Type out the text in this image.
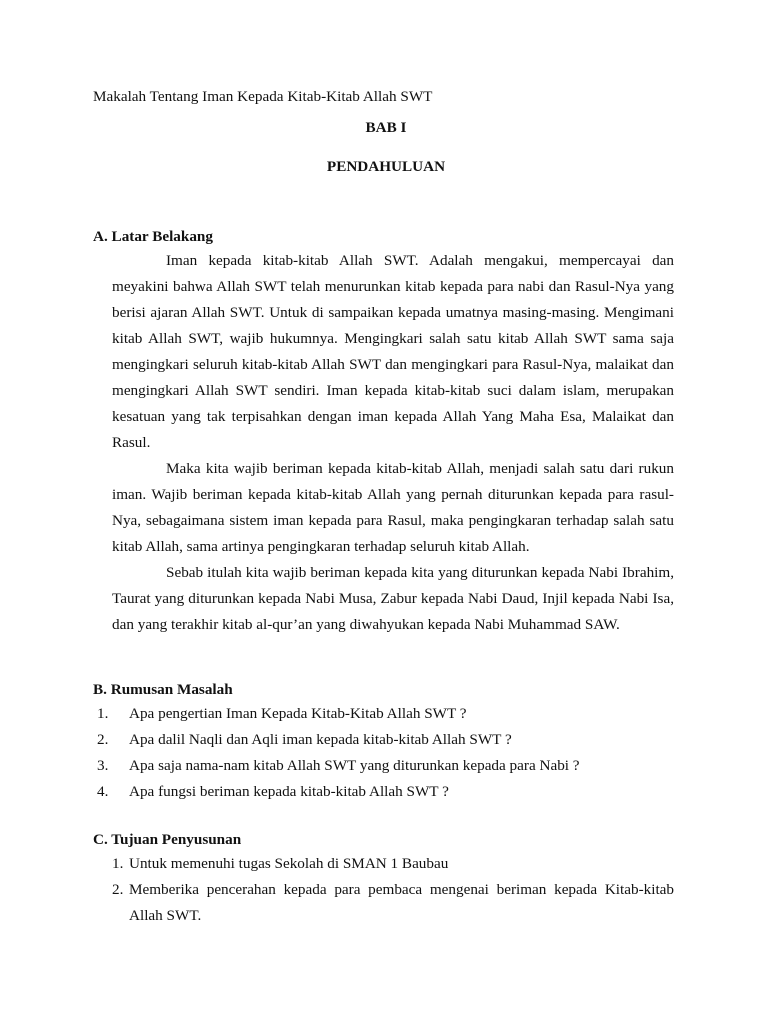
Makalah Tentang Iman Kepada Kitab-Kitab Allah SWT
BAB I
PENDAHULUAN
A. Latar Belakang

Iman kepada kitab-kitab Allah SWT. Adalah mengakui, mempercayai dan meyakini bahwa Allah SWT telah menurunkan kitab kepada para nabi dan Rasul-Nya yang berisi ajaran Allah SWT. Untuk di sampaikan kepada umatnya masing-masing. Mengimani kitab Allah SWT, wajib hukumnya. Mengingkari salah satu kitab Allah SWT sama saja mengingkari seluruh kitab-kitab Allah SWT dan mengingkari para Rasul-Nya, malaikat dan mengingkari Allah SWT sendiri. Iman kepada kitab-kitab suci dalam islam, merupakan kesatuan yang tak terpisahkan dengan iman kepada Allah Yang Maha Esa, Malaikat dan Rasul.

Maka kita wajib beriman kepada kitab-kitab Allah, menjadi salah satu dari rukun iman. Wajib beriman kepada kitab-kitab Allah yang pernah diturunkan kepada para rasul-Nya, sebagaimana sistem iman kepada para Rasul, maka pengingkaran terhadap salah satu kitab Allah, sama artinya pengingkaran terhadap seluruh kitab Allah.

Sebab itulah kita wajib beriman kepada kita yang diturunkan kepada Nabi Ibrahim, Taurat yang diturunkan kepada Nabi Musa, Zabur kepada Nabi Daud, Injil kepada Nabi Isa, dan yang terakhir kitab al-qur’an yang diwahyukan kepada Nabi Muhammad SAW.

B. Rumusan Masalah
1. Apa pengertian Iman Kepada Kitab-Kitab Allah SWT ?
2. Apa dalil Naqli dan Aqli iman kepada kitab-kitab Allah SWT ?
3. Apa saja nama-nam kitab Allah SWT yang diturunkan kepada para Nabi ?
4. Apa fungsi beriman kepada kitab-kitab Allah SWT ?
C. Tujuan Penyusunan
1. Untuk memenuhi tugas Sekolah di SMAN 1 Baubau
2. Memberika pencerahan kepada para pembaca mengenai beriman kepada Kitab-kitab Allah SWT.
